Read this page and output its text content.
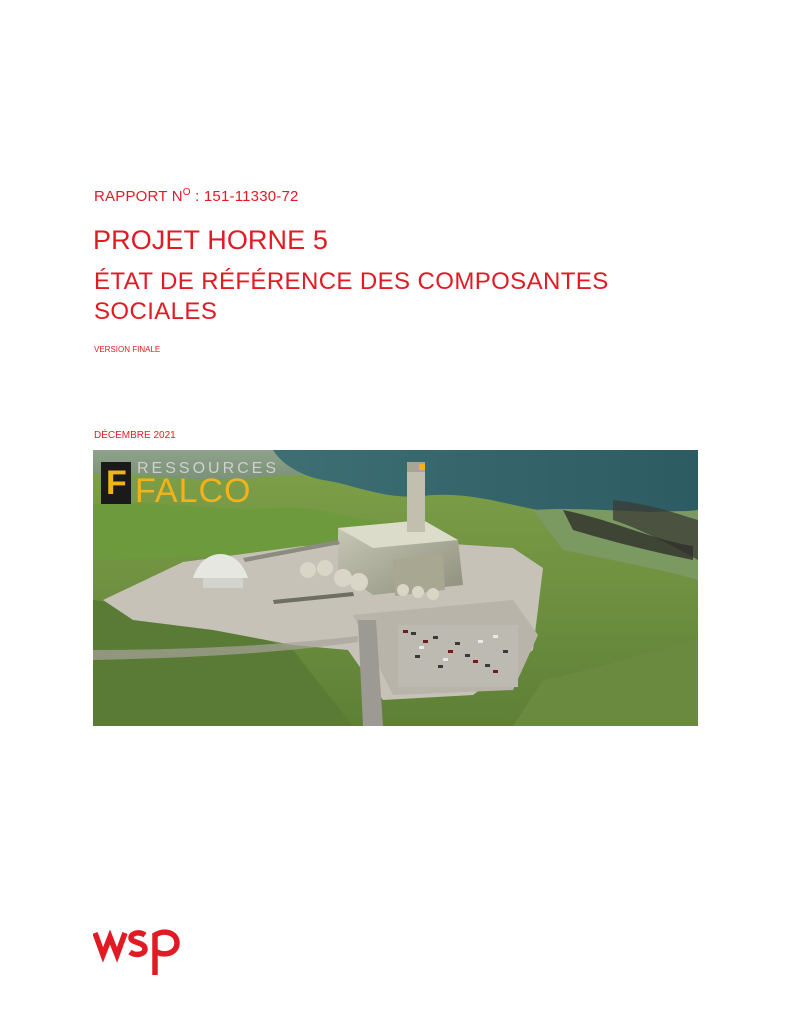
RAPPORT $N^O$ : 151-11330-72
PROJET HORNE 5
ÉTAT DE RÉFÉRENCE DES COMPOSANTES SOCIALES
VERSION FINALE
DÉCEMBRE 2021
F RESSOURCES
FALCO
